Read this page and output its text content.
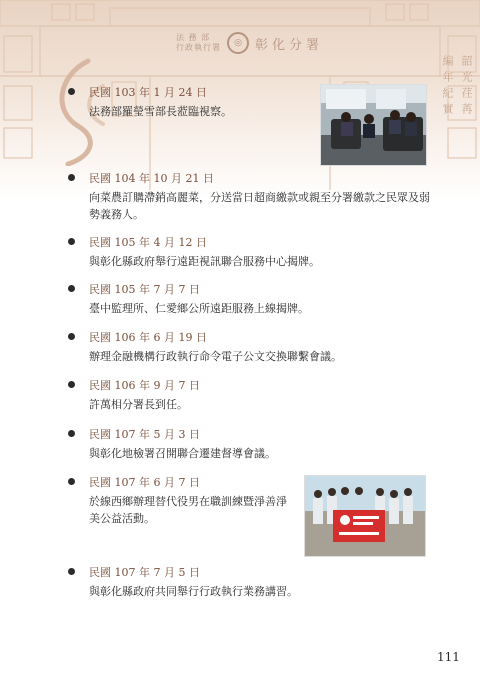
法 務 部
行政執行署	◎	彰化分署
韶光荏苒
編年紀實
民國 103 年 1 月 24 日
法務部羅瑩雪部長蒞臨視察。
民國 104 年 10 月 21 日
向菜農訂購滯銷高麗菜，分送當日超商繳款或親至分署繳款之民眾及弱勢義務人。
民國 105 年 4 月 12 日
與彰化縣政府舉行遠距視訊聯合服務中心揭牌。
民國 105 年 7 月 7 日
臺中監理所、仁愛鄉公所遠距服務上線揭牌。
民國 106 年 6 月 19 日
辦理金融機構行政執行命令電子公文交換聯繫會議。
民國 106 年 9 月 7 日
許萬相分署長到任。
民國 107 年 5 月 3 日
與彰化地檢署召開聯合遷建督導會議。
民國 107 年 6 月 7 日
於線西鄉辦理替代役男在職訓練暨淨善淨美公益活動。
民國 107 年 7 月 5 日
與彰化縣政府共同舉行行政執行業務講習。
111
